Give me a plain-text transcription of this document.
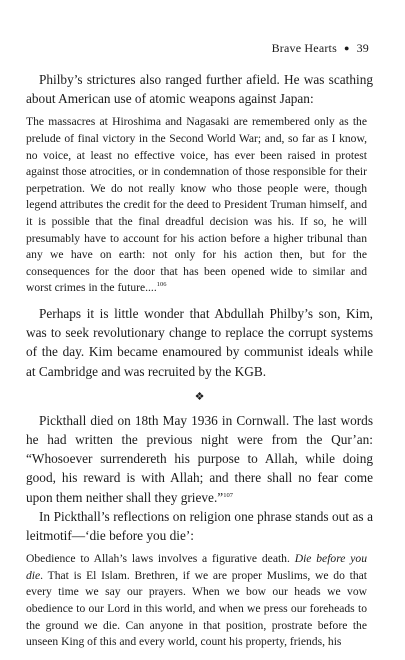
Brave Hearts ● 39

Philby’s strictures also ranged further afield. He was scathing about American use of atomic weapons against Japan:

The massacres at Hiroshima and Nagasaki are remembered only as the prelude of final victory in the Second World War; and, so far as I know, no voice, at least no effective voice, has ever been raised in protest against those atrocities, or in condemnation of those responsible for their perpetration. We do not really know who those people were, though legend attributes the credit for the deed to President Truman himself, and it is possible that the final dreadful decision was his. If so, he will presumably have to account for his action before a higher tribunal than any we have on earth: not only for his action then, but for the consequences for the door that has been opened wide to similar and worst crimes in the future....$^{106}$

Perhaps it is little wonder that Abdullah Philby’s son, Kim, was to seek revolutionary change to replace the corrupt systems of the day. Kim became enamoured by communist ideals while at Cambridge and was recruited by the KGB.

❖

Pickthall died on 18th May 1936 in Cornwall. The last words he had written the previous night were from the Qur’an: “Whosoever surrendereth his purpose to Allah, while doing good, his reward is with Allah; and there shall no fear come upon them neither shall they grieve.”$^{107}$

In Pickthall’s reflections on religion one phrase stands out as a leitmotif—‘die before you die’:

Obedience to Allah’s laws involves a figurative death. Die before you die. That is El Islam. Brethren, if we are proper Muslims, we do that every time we say our prayers. When we bow our heads we vow obedience to our Lord in this world, and when we press our foreheads to the ground we die. Can anyone in that position, prostrate before the unseen King of this and every world, count his property, friends, his
